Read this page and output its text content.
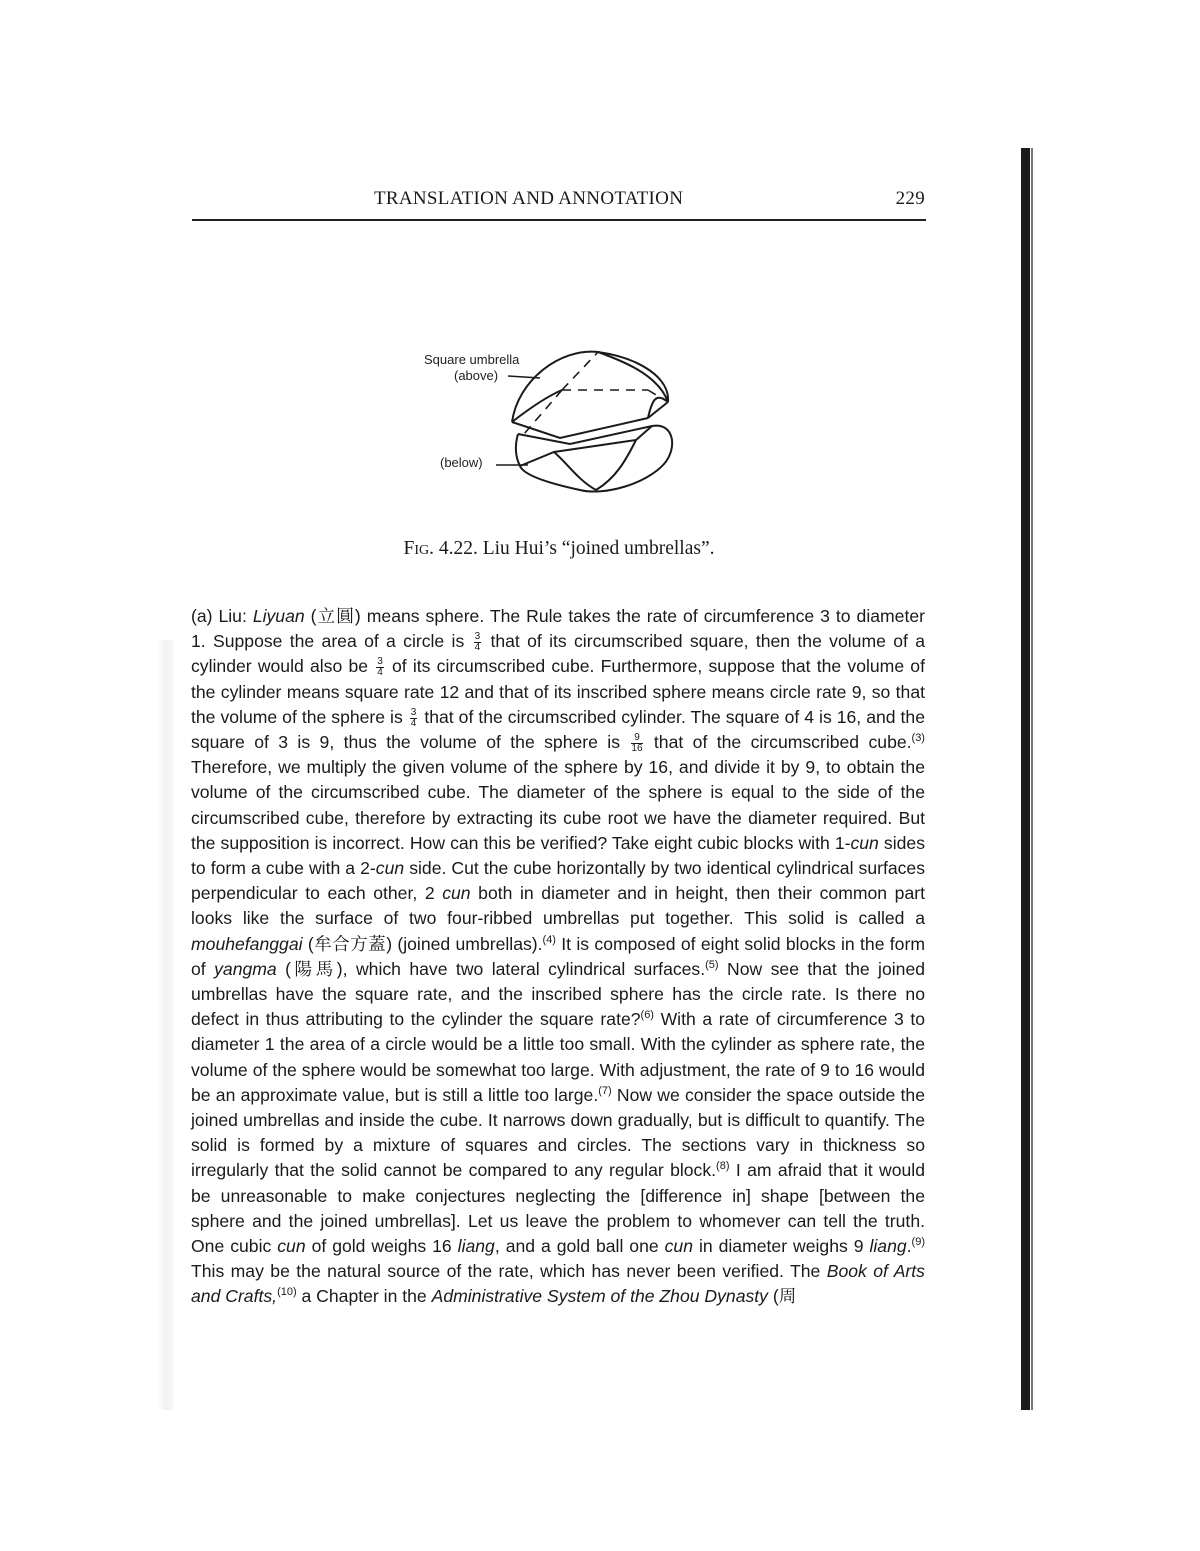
TRANSLATION AND ANNOTATION	229
Square umbrella
(above)
(below)
Fig. 4.22. Liu Hui’s “joined umbrellas”.

(a) Liu: Liyuan (立圓) means sphere. The Rule takes the rate of circumference 3 to diameter 1. Suppose the area of a circle is $\frac{3}{4}$ that of its circumscribed square, then the volume of a cylinder would also be $\frac{3}{4}$ of its circumscribed cube. Furthermore, suppose that the volume of the cylinder means square rate 12 and that of its inscribed sphere means circle rate 9, so that the volume of the sphere is $\frac{3}{4}$ that of the circumscribed cylinder. The square of 4 is 16, and the square of 3 is 9, thus the volume of the sphere is $\frac{9}{16}$ that of the circumscribed cube.$^{(3)}$ Therefore, we multiply the given volume of the sphere by 16, and divide it by 9, to obtain the volume of the circumscribed cube. The diameter of the sphere is equal to the side of the circumscribed cube, therefore by extracting its cube root we have the diameter required. But the supposition is incorrect. How can this be verified? Take eight cubic blocks with 1-cun sides to form a cube with a 2-cun side. Cut the cube horizontally by two identical cylindrical surfaces perpendicular to each other, 2 cun both in diameter and in height, then their common part looks like the surface of two four-ribbed umbrellas put together. This solid is called a mouhefanggai (牟合方蓋) (joined umbrellas).$^{(4)}$ It is composed of eight solid blocks in the form of yangma (陽馬), which have two lateral cylindrical surfaces.$^{(5)}$ Now see that the joined umbrellas have the square rate, and the inscribed sphere has the circle rate. Is there no defect in thus attributing to the cylinder the square rate?$^{(6)}$ With a rate of circumference 3 to diameter 1 the area of a circle would be a little too small. With the cylinder as sphere rate, the volume of the sphere would be somewhat too large. With adjustment, the rate of 9 to 16 would be an approximate value, but is still a little too large.$^{(7)}$ Now we consider the space outside the joined umbrellas and inside the cube. It narrows down gradually, but is difficult to quantify. The solid is formed by a mixture of squares and circles. The sections vary in thickness so irregularly that the solid cannot be compared to any regular block.$^{(8)}$ I am afraid that it would be unreasonable to make conjectures neglecting the [difference in] shape [between the sphere and the joined umbrellas]. Let us leave the problem to whomever can tell the truth. One cubic cun of gold weighs 16 liang, and a gold ball one cun in diameter weighs 9 liang.$^{(9)}$ This may be the natural source of the rate, which has never been verified. The Book of Arts and Crafts,$^{(10)}$ a Chapter in the Administrative System of the Zhou Dynasty (周
